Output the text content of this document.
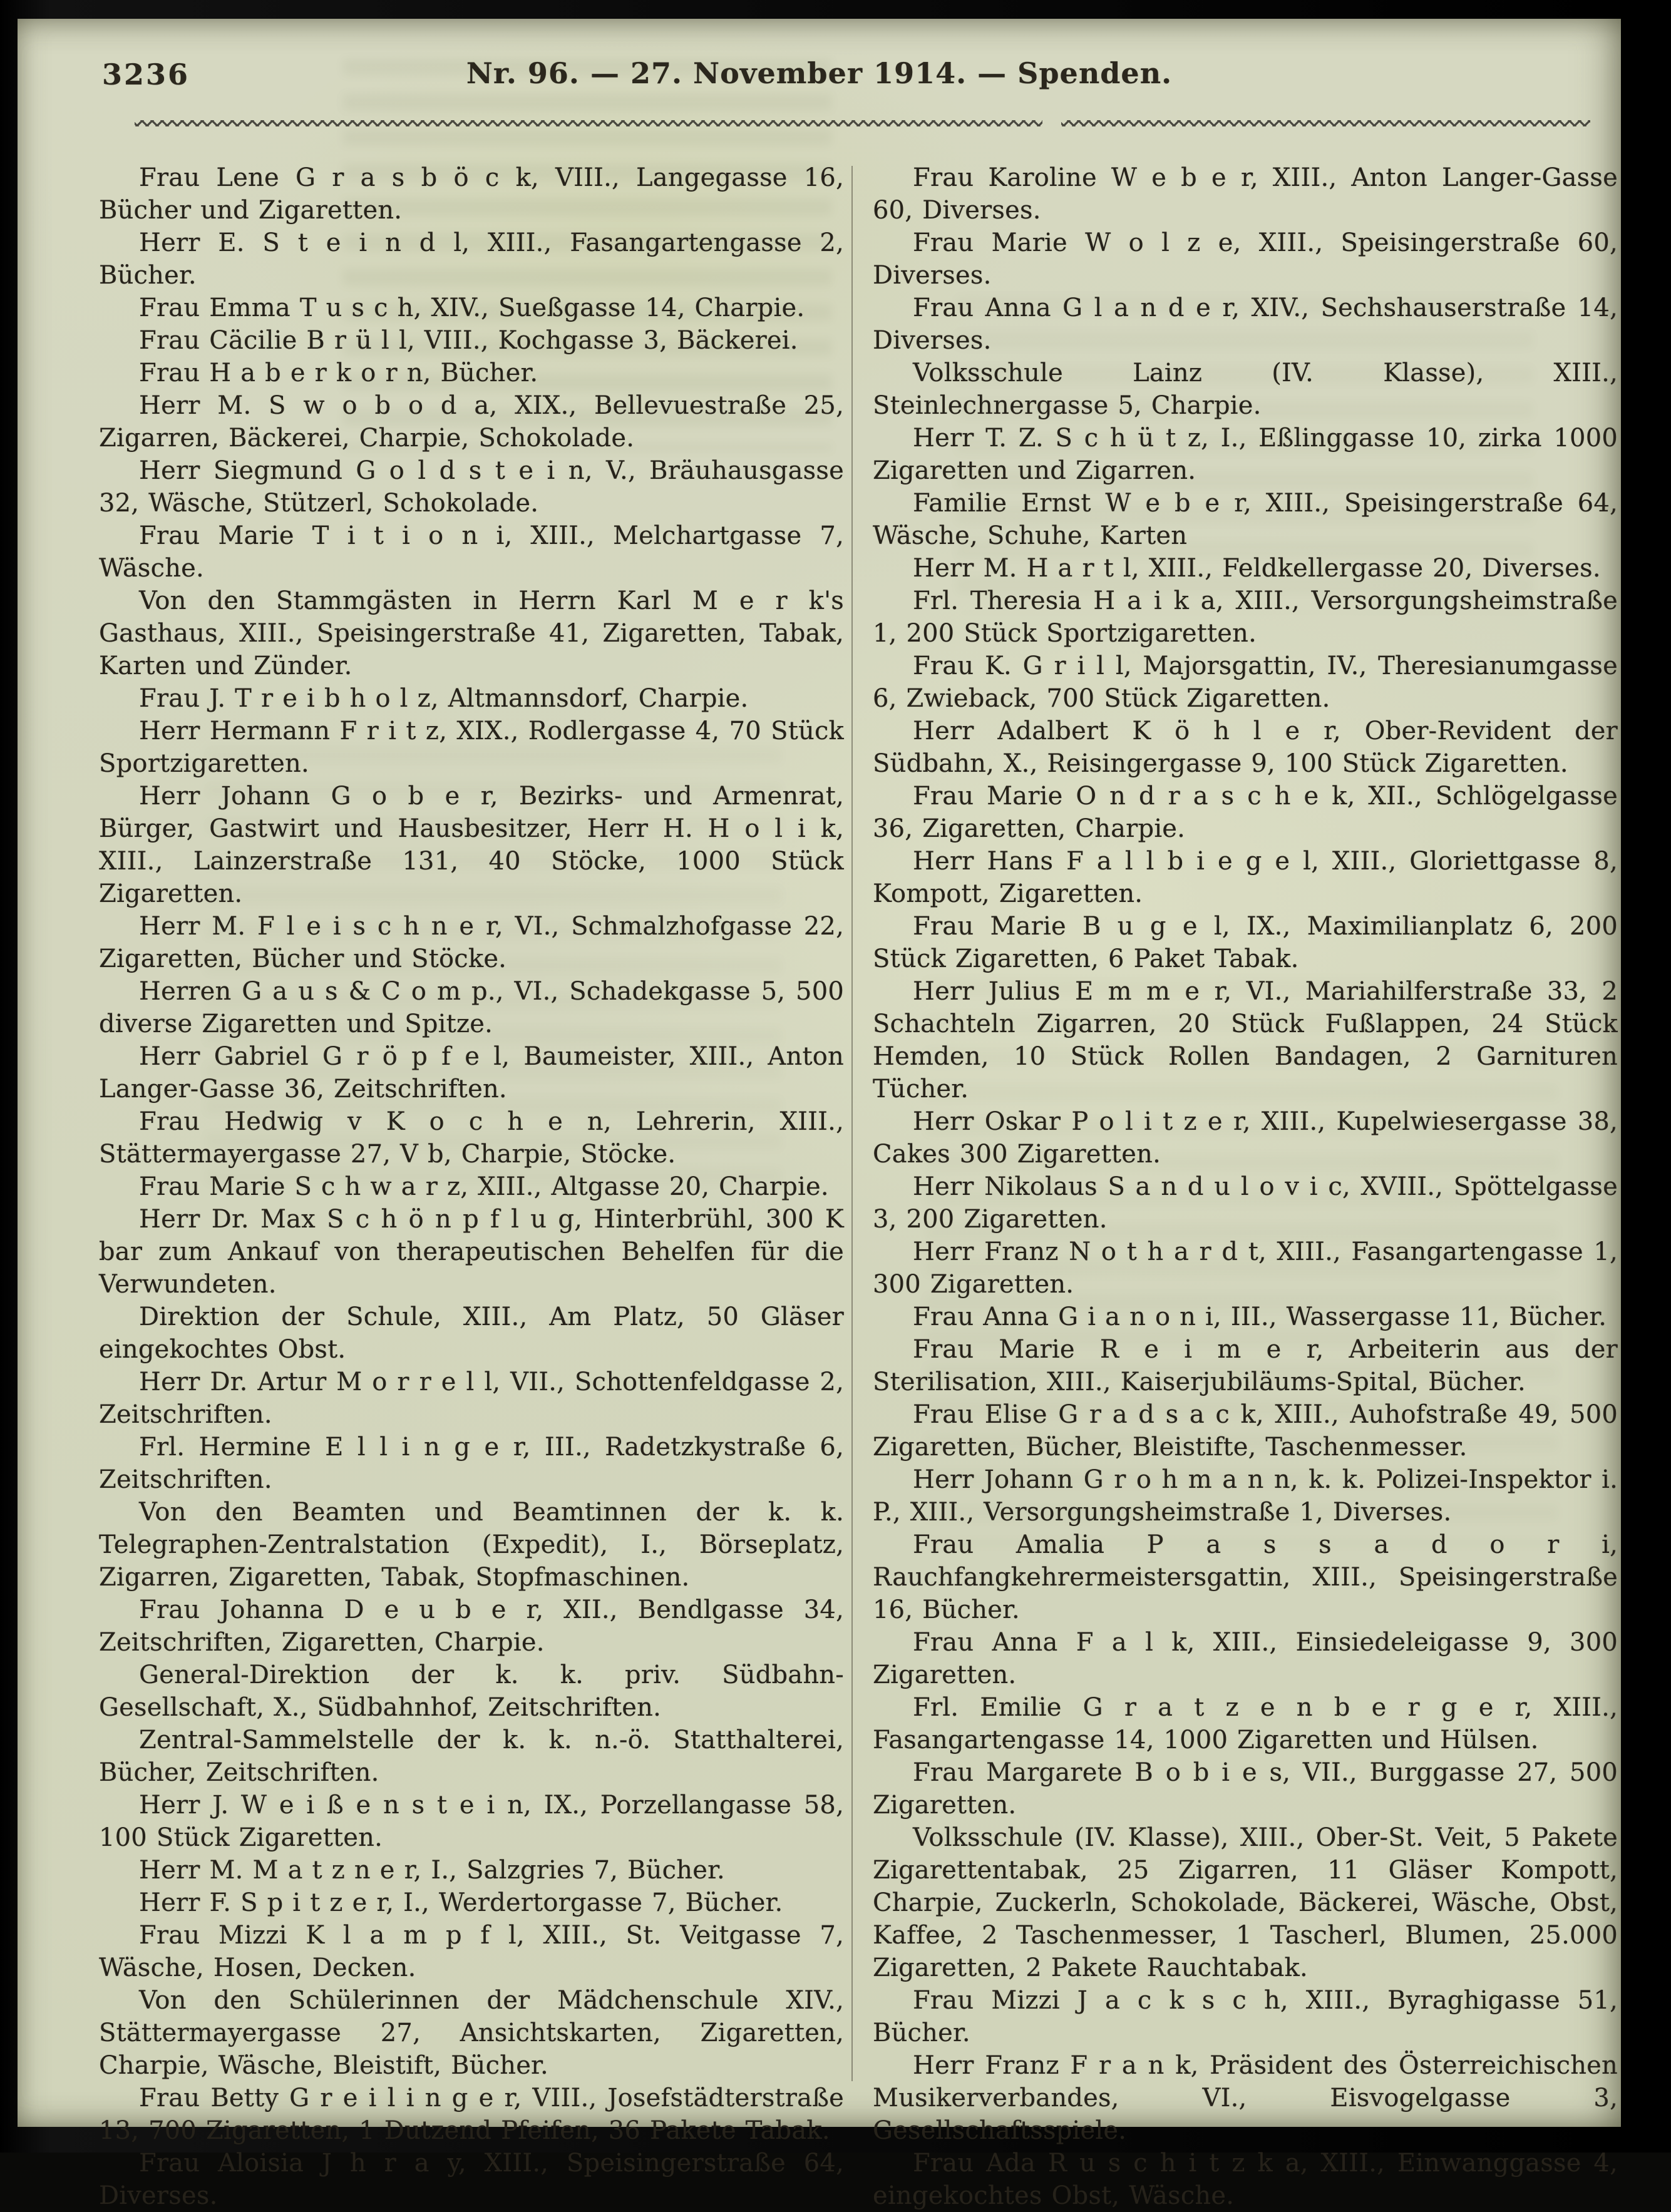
3236	Nr. 96. — 27. November 1914. — Spenden.

Frau Lene G r a s b ö c k, VIII., Langegasse 16, Bücher und Zigaretten.

Herr E. S t e i n d l, XIII., Fasangartengasse 2, Bücher.

Frau Emma T u s c h, XIV., Sueßgasse 14, Charpie.

Frau Cäcilie B r ü l l, VIII., Kochgasse 3, Bäckerei.

Frau H a b e r k o r n, Bücher.

Herr M. S w o b o d a, XIX., Bellevuestraße 25, Zigarren, Bäckerei, Charpie, Schokolade.

Herr Siegmund G o l d s t e i n, V., Bräuhausgasse 32, Wäsche, Stützerl, Schokolade.

Frau Marie T i t i o n i, XIII., Melchartgasse 7, Wäsche.

Von den Stammgästen in Herrn Karl M e r k's Gasthaus, XIII., Speisingerstraße 41, Zigaretten, Tabak, Karten und Zünder.

Frau J. T r e i b h o l z, Altmannsdorf, Charpie.

Herr Hermann F r i t z, XIX., Rodlergasse 4, 70 Stück Sportzigaretten.

Herr Johann G o b e r, Bezirks- und Armenrat, Bürger, Gastwirt und Hausbesitzer, Herr H. H o l i k, XIII., Lainzerstraße 131, 40 Stöcke, 1000 Stück Zigaretten.

Herr M. F l e i s c h n e r, VI., Schmalzhofgasse 22, Zigaretten, Bücher und Stöcke.

Herren G a u s & C o m p., VI., Schadekgasse 5, 500 diverse Zigaretten und Spitze.

Herr Gabriel G r ö p f e l, Baumeister, XIII., Anton Langer-Gasse 36, Zeitschriften.

Frau Hedwig v K o c h e n, Lehrerin, XIII., Stättermayergasse 27, V b, Charpie, Stöcke.

Frau Marie S c h w a r z, XIII., Altgasse 20, Charpie.

Herr Dr. Max S c h ö n p f l u g, Hinterbrühl, 300 K bar zum Ankauf von therapeutischen Behelfen für die Verwundeten.

Direktion der Schule, XIII., Am Platz, 50 Gläser eingekochtes Obst.

Herr Dr. Artur M o r r e l l, VII., Schottenfeldgasse 2, Zeitschriften.

Frl. Hermine E l l i n g e r, III., Radetzkystraße 6, Zeitschriften.

Von den Beamten und Beamtinnen der k. k. Telegraphen-Zentralstation (Expedit), I., Börseplatz, Zigarren, Zigaretten, Tabak, Stopfmaschinen.

Frau Johanna D e u b e r, XII., Bendlgasse 34, Zeitschriften, Zigaretten, Charpie.

General-Direktion der k. k. priv. Südbahn-Gesellschaft, X., Südbahnhof, Zeitschriften.

Zentral-Sammelstelle der k. k. n.-ö. Statthalterei, Bücher, Zeitschriften.

Herr J. W e i ß e n s t e i n, IX., Porzellangasse 58, 100 Stück Zigaretten.

Herr M. M a t z n e r, I., Salzgries 7, Bücher.

Herr F. S p i t z e r, I., Werdertorgasse 7, Bücher.

Frau Mizzi K l a m p f l, XIII., St. Veitgasse 7, Wäsche, Hosen, Decken.

Von den Schülerinnen der Mädchenschule XIV., Stättermayergasse 27, Ansichtskarten, Zigaretten, Charpie, Wäsche, Bleistift, Bücher.

Frau Betty G r e i l i n g e r, VIII., Josefstädterstraße 13, 700 Zigaretten, 1 Dutzend Pfeifen, 36 Pakete Tabak.

Frau Aloisia J h r a y, XIII., Speisingerstraße 64, Diverses.

Frau Karoline W e b e r, XIII., Anton Langer-Gasse 60, Diverses.

Frau Marie W o l z e, XIII., Speisingerstraße 60, Diverses.

Frau Anna G l a n d e r, XIV., Sechshauserstraße 14, Diverses.

Volksschule Lainz (IV. Klasse), XIII., Steinlechnergasse 5, Charpie.

Herr T. Z. S c h ü t z, I., Eßlinggasse 10, zirka 1000 Zigaretten und Zigarren.

Familie Ernst W e b e r, XIII., Speisingerstraße 64, Wäsche, Schuhe, Karten

Herr M. H a r t l, XIII., Feldkellergasse 20, Diverses.

Frl. Theresia H a i k a, XIII., Versorgungsheimstraße 1, 200 Stück Sportzigaretten.

Frau K. G r i l l, Majorsgattin, IV., Theresianumgasse 6, Zwieback, 700 Stück Zigaretten.

Herr Adalbert K ö h l e r, Ober-Revident der Südbahn, X., Reisingergasse 9, 100 Stück Zigaretten.

Frau Marie O n d r a s c h e k, XII., Schlögelgasse 36, Zigaretten, Charpie.

Herr Hans F a l l b i e g e l, XIII., Gloriettgasse 8, Kompott, Zigaretten.

Frau Marie B u g e l, IX., Maximilianplatz 6, 200 Stück Zigaretten, 6 Paket Tabak.

Herr Julius E m m e r, VI., Mariahilferstraße 33, 2 Schachteln Zigarren, 20 Stück Fußlappen, 24 Stück Hemden, 10 Stück Rollen Bandagen, 2 Garnituren Tücher.

Herr Oskar P o l i t z e r, XIII., Kupelwiesergasse 38, Cakes 300 Zigaretten.

Herr Nikolaus S a n d u l o v i c, XVIII., Spöttelgasse 3, 200 Zigaretten.

Herr Franz N o t h a r d t, XIII., Fasangartengasse 1, 300 Zigaretten.

Frau Anna G i a n o n i, III., Wassergasse 11, Bücher.

Frau Marie R e i m e r, Arbeiterin aus der Sterilisation, XIII., Kaiserjubiläums-Spital, Bücher.

Frau Elise G r a d s a c k, XIII., Auhofstraße 49, 500 Zigaretten, Bücher, Bleistifte, Taschenmesser.

Herr Johann G r o h m a n n, k. k. Polizei-Inspektor i. P., XIII., Versorgungsheimstraße 1, Diverses.

Frau Amalia P a s s a d o r i, Rauchfangkehrermeistersgattin, XIII., Speisingerstraße 16, Bücher.

Frau Anna F a l k, XIII., Einsiedeleigasse 9, 300 Zigaretten.

Frl. Emilie G r a t z e n b e r g e r, XIII., Fasangartengasse 14, 1000 Zigaretten und Hülsen.

Frau Margarete B o b i e s, VII., Burggasse 27, 500 Zigaretten.

Volksschule (IV. Klasse), XIII., Ober-St. Veit, 5 Pakete Zigarettentabak, 25 Zigarren, 11 Gläser Kompott, Charpie, Zuckerln, Schokolade, Bäckerei, Wäsche, Obst, Kaffee, 2 Taschenmesser, 1 Tascherl, Blumen, 25.000 Zigaretten, 2 Pakete Rauchtabak.

Frau Mizzi J a c k s c h, XIII., Byraghigasse 51, Bücher.

Herr Franz F r a n k, Präsident des Österreichischen Musikerverbandes, VI., Eisvogelgasse 3, Gesellschaftsspiele.

Frau Ada R u s c h i t z k a, XIII., Einwanggasse 4, eingekochtes Obst, Wäsche.
